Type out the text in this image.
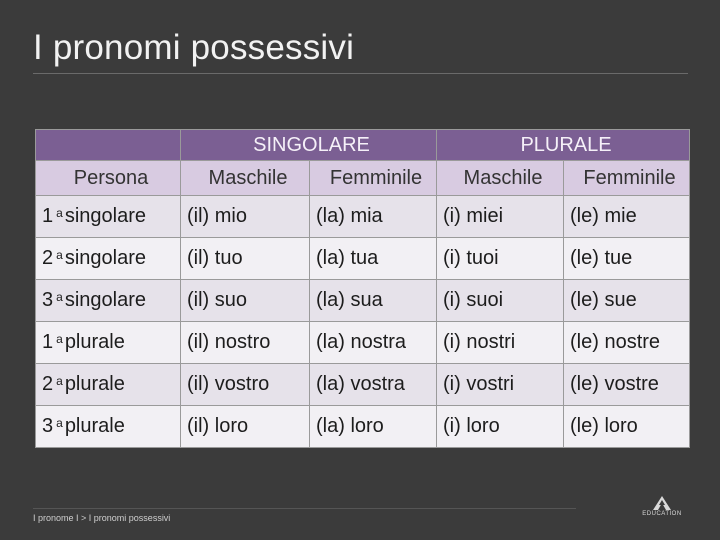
I pronomi possessivi
	SINGOLARE		PLURALE	
Persona	Maschile	Femminile	Maschile	Femminile
1 $^a$ singolare	(il) mio	(la) mia	(i) miei	(le) mie
2 $^a$ singolare	(il) tuo	(la) tua	(i) tuoi	(le) tue
3 $^a$ singolare	(il) suo	(la) sua	(i) suoi	(le) sue
1 $^a$ plurale	(il) nostro	(la) nostra	(i) nostri	(le) nostre
2 $^a$ plurale	(il) vostro	(la) vostra	(i) vostri	(le) vostre
3 $^a$ plurale	(il) loro	(la) loro	(i) loro	(le) loro
I pronome I > I pronomi possessivi	EDUCATION
